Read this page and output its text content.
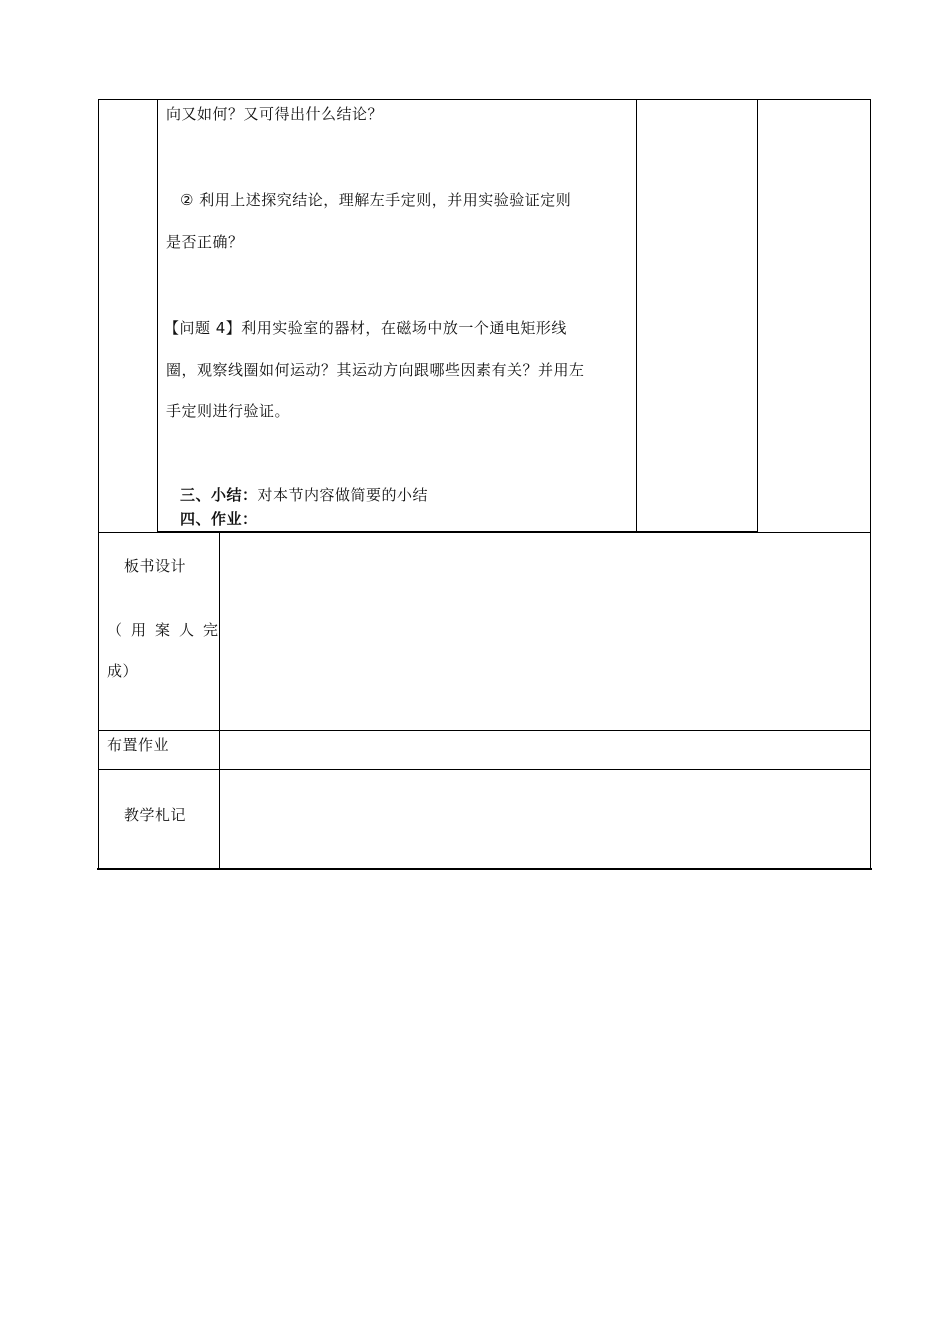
向又如何？又可得出什么结论？
② 利用上述探究结论，理解左手定则，并用实验验证定则
是否正确？
【问题 4】利用实验室的器材，在磁场中放一个通电矩形线
圈，观察线圈如何运动？其运动方向跟哪些因素有关？并用左
手定则进行验证。
三、小结：对本节内容做简要的小结
四、作业：
板书设计
（用案人完
成）
布置作业
教学札记
